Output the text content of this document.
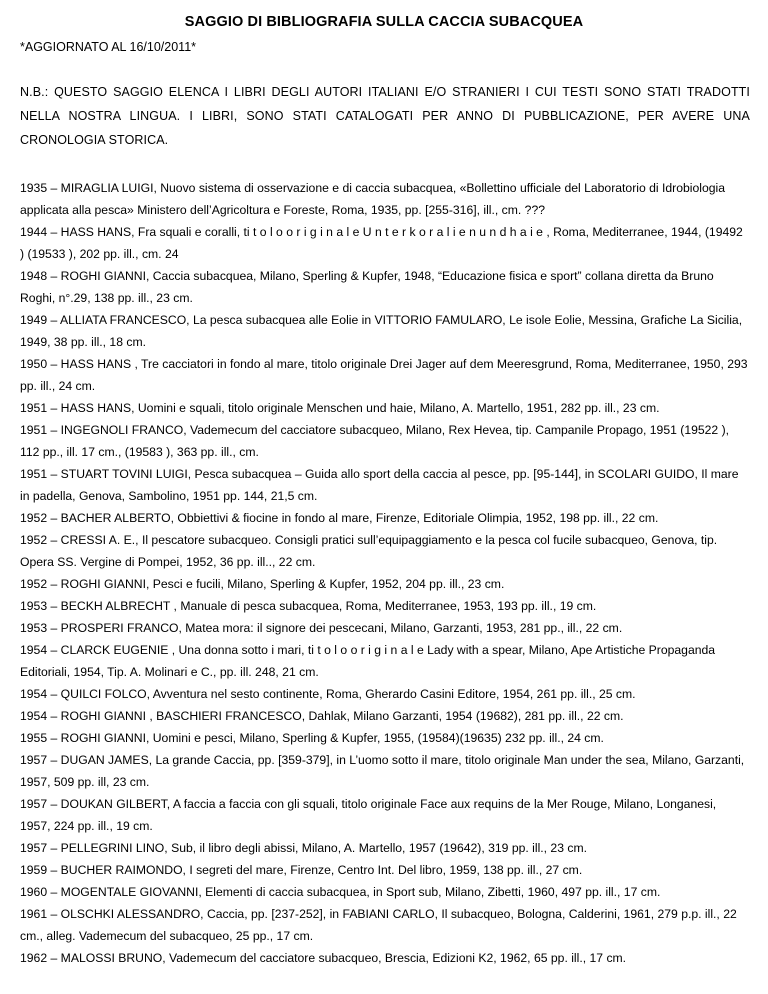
SAGGIO DI BIBLIOGRAFIA SULLA CACCIA SUBACQUEA
*AGGIORNATO AL 16/10/2011*
N.B.: QUESTO SAGGIO ELENCA I LIBRI DEGLI AUTORI ITALIANI E/O STRANIERI I CUI TESTI SONO STATI TRADOTTI NELLA NOSTRA LINGUA. I LIBRI, SONO STATI CATALOGATI PER ANNO DI PUBBLICAZIONE, PER AVERE UNA CRONOLOGIA STORICA.
1935 – MIRAGLIA LUIGI, Nuovo sistema di osservazione e di caccia subacquea, «Bollettino ufficiale del Laboratorio di Idrobiologia applicata alla pesca» Ministero dell’Agricoltura e Foreste, Roma, 1935, pp. [255-316], ill., cm. ???
1944 – HASS HANS, Fra squali e coralli, ti t o l o o r i g i n a l e U n t e r k o r a l i e n u n d h a i e , Roma, Mediterranee, 1944, (19492 ) (19533 ), 202 pp. ill., cm. 24
1948 – ROGHI GIANNI, Caccia subacquea, Milano, Sperling & Kupfer, 1948, “Educazione fisica e sport” collana diretta da Bruno Roghi, n°.29, 138 pp. ill., 23 cm.
1949 – ALLIATA FRANCESCO, La pesca subacquea alle Eolie in VITTORIO FAMULARO, Le isole Eolie, Messina, Grafiche La Sicilia, 1949, 38 pp. ill., 18 cm.
1950 – HASS HANS , Tre cacciatori in fondo al mare, titolo originale Drei Jager auf dem Meeresgrund, Roma, Mediterranee, 1950, 293 pp. ill., 24 cm.
1951 – HASS HANS, Uomini e squali, titolo originale Menschen und haie, Milano, A. Martello, 1951, 282 pp. ill., 23 cm.
1951 – INGEGNOLI FRANCO, Vademecum del cacciatore subacqueo, Milano, Rex Hevea, tip. Campanile Propago, 1951 (19522 ), 112 pp., ill. 17 cm., (19583 ), 363 pp. ill., cm.
1951 – STUART TOVINI LUIGI, Pesca subacquea – Guida allo sport della caccia al pesce, pp. [95-144], in SCOLARI GUIDO, Il mare in padella, Genova, Sambolino, 1951 pp. 144, 21,5 cm.
1952 – BACHER ALBERTO, Obbiettivi & fiocine in fondo al mare, Firenze, Editoriale Olimpia, 1952, 198 pp. ill., 22 cm.
1952 – CRESSI A. E., Il pescatore subacqueo. Consigli pratici sull’equipaggiamento e la pesca col fucile subacqueo, Genova, tip. Opera SS. Vergine di Pompei, 1952, 36 pp. ill.., 22 cm.
1952 – ROGHI GIANNI, Pesci e fucili, Milano, Sperling & Kupfer, 1952, 204 pp. ill., 23 cm.
1953 – BECKH ALBRECHT , Manuale di pesca subacquea, Roma, Mediterranee, 1953, 193 pp. ill., 19 cm.
1953 – PROSPERI FRANCO, Matea mora: il signore dei pescecani, Milano, Garzanti, 1953, 281 pp., ill., 22 cm.
1954 – CLARCK EUGENIE , Una donna sotto i mari, ti t o l o o r i g i n a l e Lady with a spear, Milano, Ape Artistiche Propaganda Editoriali, 1954, Tip. A. Molinari e C., pp. ill. 248, 21 cm.
1954 – QUILCI FOLCO, Avventura nel sesto continente, Roma, Gherardo Casini Editore, 1954, 261 pp. ill., 25 cm.
1954 – ROGHI GIANNI , BASCHIERI FRANCESCO, Dahlak, Milano Garzanti, 1954 (19682), 281 pp. ill., 22 cm.
1955 – ROGHI GIANNI, Uomini e pesci, Milano, Sperling & Kupfer, 1955, (19584)(19635) 232 pp. ill., 24 cm.
1957 – DUGAN JAMES, La grande Caccia, pp. [359-379], in L’uomo sotto il mare, titolo originale Man under the sea, Milano, Garzanti, 1957, 509 pp. ill, 23 cm.
1957 – DOUKAN GILBERT, A faccia a faccia con gli squali, titolo originale Face aux requins de la Mer Rouge, Milano, Longanesi, 1957, 224 pp. ill., 19 cm.
1957 – PELLEGRINI LINO, Sub, il libro degli abissi, Milano, A. Martello, 1957 (19642), 319 pp. ill., 23 cm.
1959 – BUCHER RAIMONDO, I segreti del mare, Firenze, Centro Int. Del libro, 1959, 138 pp. ill., 27 cm.
1960 – MOGENTALE GIOVANNI, Elementi di caccia subacquea, in Sport sub, Milano, Zibetti, 1960, 497 pp. ill., 17 cm.
1961 – OLSCHKI ALESSANDRO, Caccia, pp. [237-252], in FABIANI CARLO, Il subacqueo, Bologna, Calderini, 1961, 279 p.p. ill., 22 cm., alleg. Vademecum del subacqueo, 25 pp., 17 cm.
1962 – MALOSSI BRUNO, Vademecum del cacciatore subacqueo, Brescia, Edizioni K2, 1962, 65 pp. ill., 17 cm.
